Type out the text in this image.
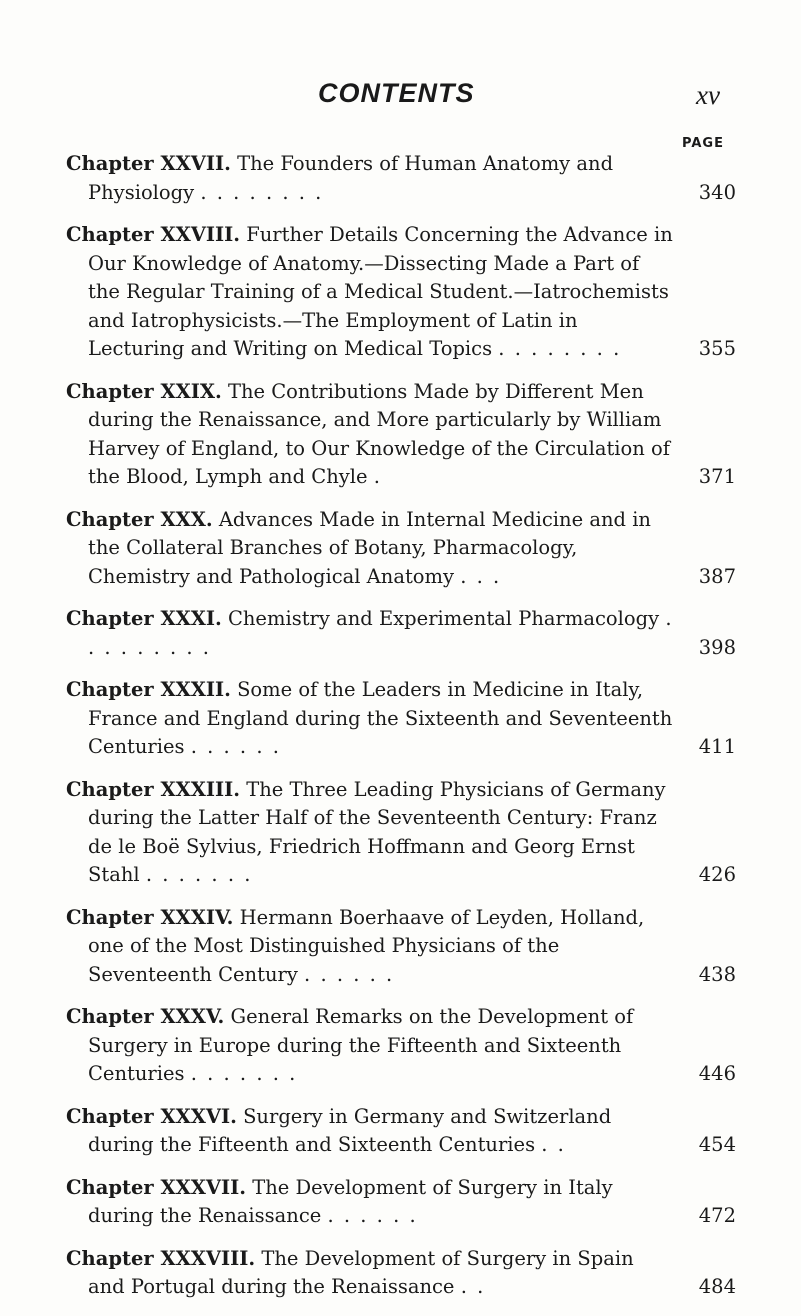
CONTENTS	xv
PAGE
Chapter XXVII. The Founders of Human Anatomy and Physiology . . . . . . . .	340
Chapter XXVIII. Further Details Concerning the Advance in Our Knowledge of Anatomy.—Dissecting Made a Part of the Regular Training of a Medical Student.—Iatrochemists and Iatrophysicists.—The Employment of Latin in Lecturing and Writing on Medical Topics . . . . . . . .	355
Chapter XXIX. The Contributions Made by Different Men during the Renaissance, and More particularly by William Harvey of England, to Our Knowledge of the Circulation of the Blood, Lymph and Chyle .	371
Chapter XXX. Advances Made in Internal Medicine and in the Collateral Branches of Botany, Pharmacology, Chemistry and Pathological Anatomy . . .	387
Chapter XXXI. Chemistry and Experimental Pharmacology . . . . . . . . .	398
Chapter XXXII. Some of the Leaders in Medicine in Italy, France and England during the Sixteenth and Seventeenth Centuries . . . . . .	411
Chapter XXXIII. The Three Leading Physicians of Germany during the Latter Half of the Seventeenth Century: Franz de le Boë Sylvius, Friedrich Hoffmann and Georg Ernst Stahl . . . . . . .	426
Chapter XXXIV. Hermann Boerhaave of Leyden, Holland, one of the Most Distinguished Physicians of the Seventeenth Century . . . . . .	438
Chapter XXXV. General Remarks on the Development of Surgery in Europe during the Fifteenth and Sixteenth Centuries . . . . . . .	446
Chapter XXXVI. Surgery in Germany and Switzerland during the Fifteenth and Sixteenth Centuries . .	454
Chapter XXXVII. The Development of Surgery in Italy during the Renaissance . . . . . .	472
Chapter XXXVIII. The Development of Surgery in Spain and Portugal during the Renaissance . .	484
